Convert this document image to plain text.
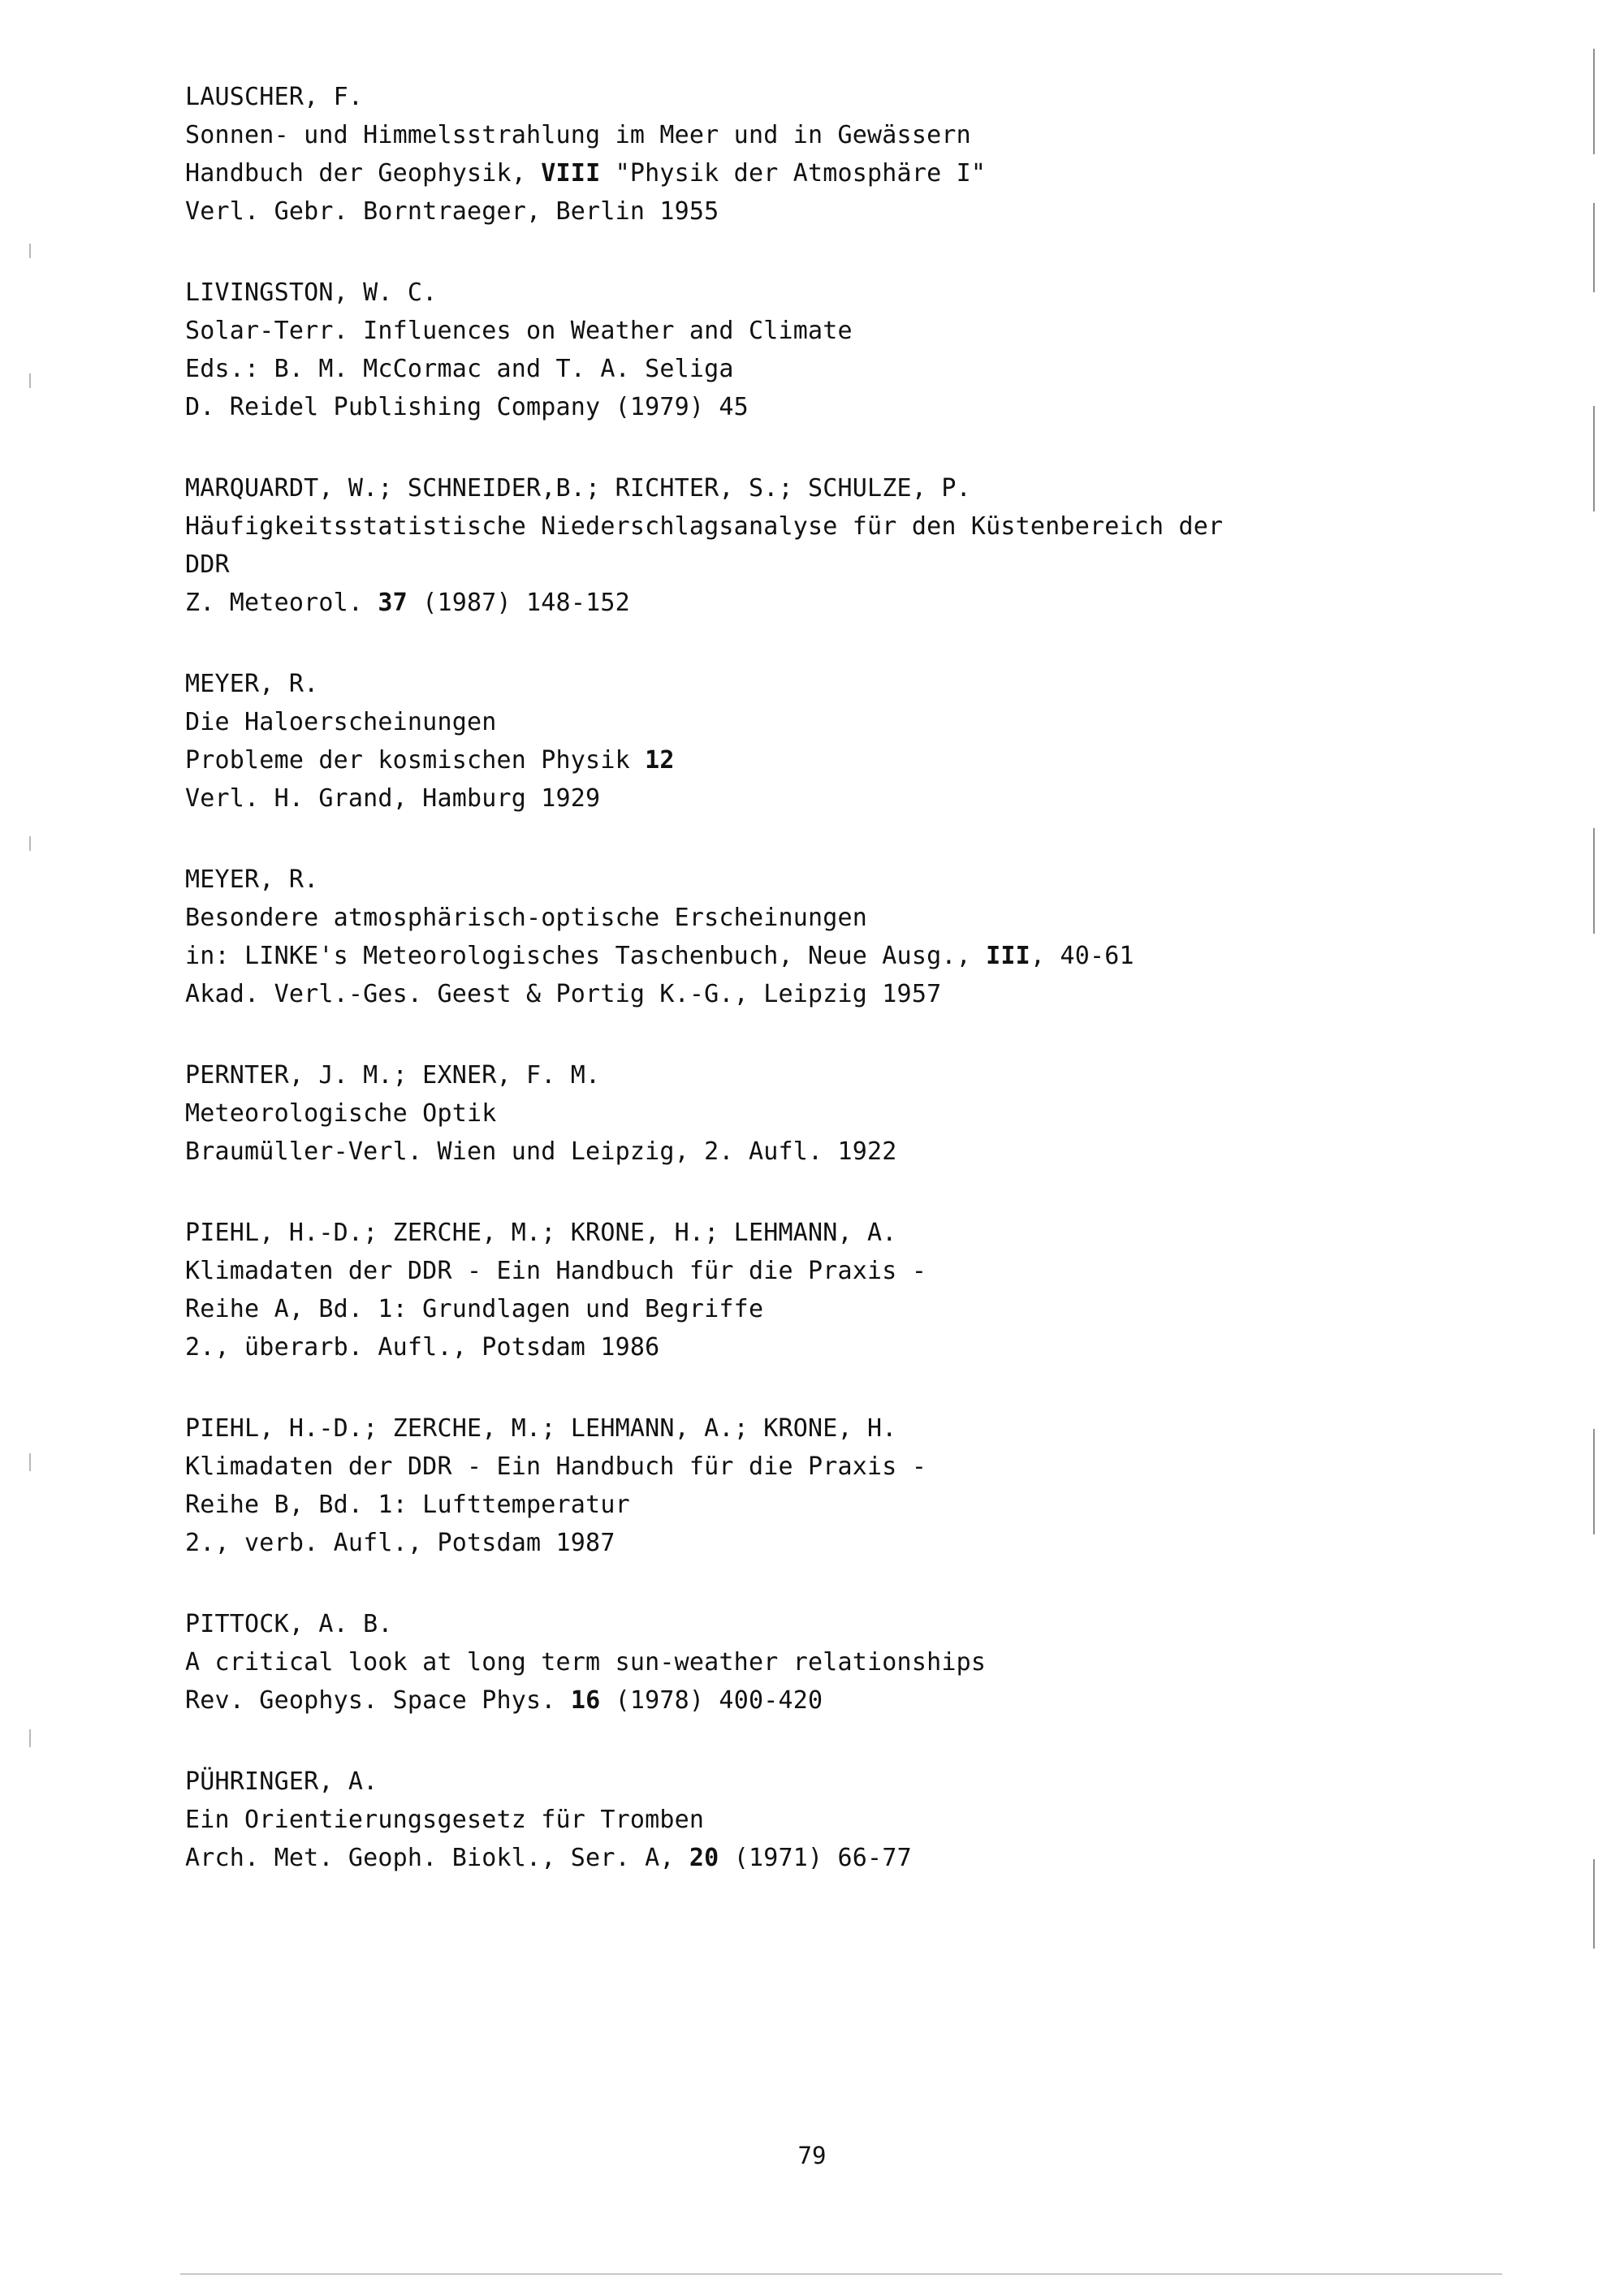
LAUSCHER, F.
Sonnen- und Himmelsstrahlung im Meer und in Gewässern
Handbuch der Geophysik, VIII "Physik der Atmosphäre I"
Verl. Gebr. Borntraeger, Berlin 1955
LIVINGSTON, W. C.
Solar-Terr. Influences on Weather and Climate
Eds.: B. M. McCormac and T. A. Seliga
D. Reidel Publishing Company (1979) 45
MARQUARDT, W.; SCHNEIDER,B.; RICHTER, S.; SCHULZE, P.
Häufigkeitsstatistische Niederschlagsanalyse für den Küstenbereich der
DDR
Z. Meteorol. 37 (1987) 148-152
MEYER, R.
Die Haloerscheinungen
Probleme der kosmischen Physik 12
Verl. H. Grand, Hamburg 1929
MEYER, R.
Besondere atmosphärisch-optische Erscheinungen
in: LINKE's Meteorologisches Taschenbuch, Neue Ausg., III, 40-61
Akad. Verl.-Ges. Geest & Portig K.-G., Leipzig 1957
PERNTER, J. M.; EXNER, F. M.
Meteorologische Optik
Braumüller-Verl. Wien und Leipzig, 2. Aufl. 1922
PIEHL, H.-D.; ZERCHE, M.; KRONE, H.; LEHMANN, A.
Klimadaten der DDR - Ein Handbuch für die Praxis -
Reihe A, Bd. 1: Grundlagen und Begriffe
2., überarb. Aufl., Potsdam 1986
PIEHL, H.-D.; ZERCHE, M.; LEHMANN, A.; KRONE, H.
Klimadaten der DDR - Ein Handbuch für die Praxis -
Reihe B, Bd. 1: Lufttemperatur
2., verb. Aufl., Potsdam 1987
PITTOCK, A. B.
A critical look at long term sun-weather relationships
Rev. Geophys. Space Phys. 16 (1978) 400-420
PÜHRINGER, A.
Ein Orientierungsgesetz für Tromben
Arch. Met. Geoph. Biokl., Ser. A, 20 (1971) 66-77
79
